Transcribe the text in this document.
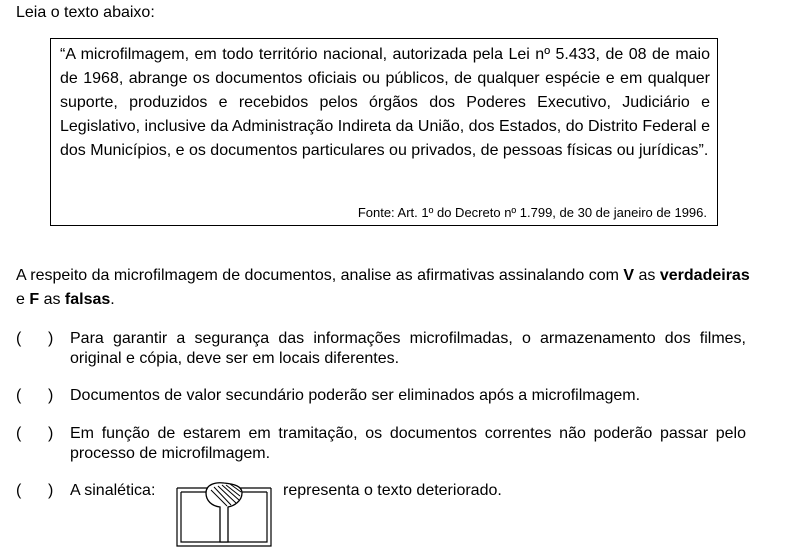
Leia o texto abaixo:

“A microfilmagem, em todo território nacional, autorizada pela Lei nº 5.433, de 08 de maio de 1968, abrange os documentos oficiais ou públicos, de qualquer espécie e em qualquer suporte, produzidos e recebidos pelos órgãos dos Poderes Executivo, Judiciário e Legislativo, inclusive da Administração Indireta da União, dos Estados, do Distrito Federal e dos Municípios, e os documentos particulares ou privados, de pessoas físicas ou jurídicas”.

Fonte: Art. 1º do Decreto nº 1.799, de 30 de janeiro de 1996.

A respeito da microfilmagem de documentos, analise as afirmativas assinalando com V as verdadeiras e F as falsas.

( ) Para garantir a segurança das informações microfilmadas, o armazenamento dos filmes, original e cópia, deve ser em locais diferentes.
( ) Documentos de valor secundário poderão ser eliminados após a microfilmagem.
( ) Em função de estarem em tramitação, os documentos correntes não poderão passar pelo processo de microfilmagem.
( ) A sinalética:	representa o texto deteriorado.
